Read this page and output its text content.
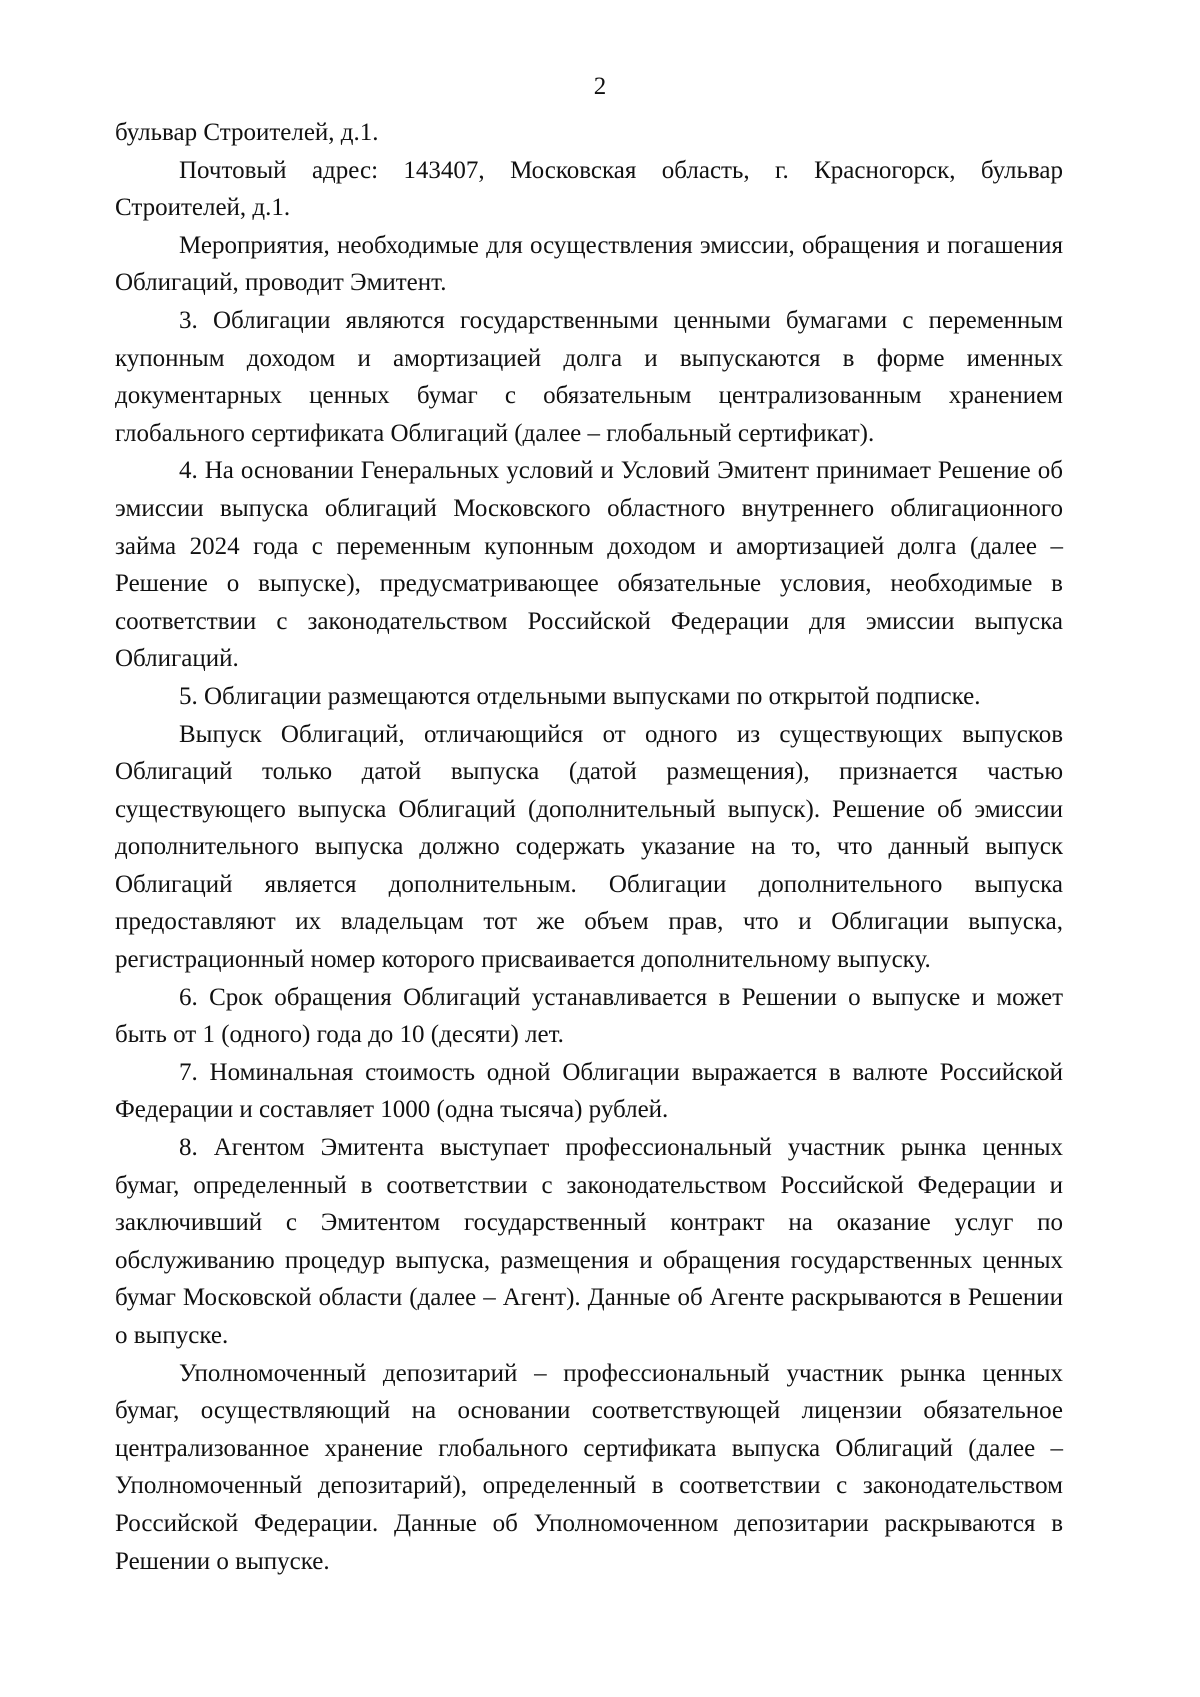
2

бульвар Строителей, д.1.

Почтовый адрес: 143407, Московская область, г. Красногорск, бульвар Строителей, д.1.

Мероприятия, необходимые для осуществления эмиссии, обращения и погашения Облигаций, проводит Эмитент.

3. Облигации являются государственными ценными бумагами с переменным купонным доходом и амортизацией долга и выпускаются в форме именных документарных ценных бумаг с обязательным централизованным хранением глобального сертификата Облигаций (далее – глобальный сертификат).

4. На основании Генеральных условий и Условий Эмитент принимает Решение об эмиссии выпуска облигаций Московского областного внутреннего облигационного займа 2024 года с переменным купонным доходом и амортизацией долга (далее – Решение о выпуске), предусматривающее обязательные условия, необходимые в соответствии с законодательством Российской Федерации для эмиссии выпуска Облигаций.

5. Облигации размещаются отдельными выпусками по открытой подписке.

Выпуск Облигаций, отличающийся от одного из существующих выпусков Облигаций только датой выпуска (датой размещения), признается частью существующего выпуска Облигаций (дополнительный выпуск). Решение об эмиссии дополнительного выпуска должно содержать указание на то, что данный выпуск Облигаций является дополнительным. Облигации дополнительного выпуска предоставляют их владельцам тот же объем прав, что и Облигации выпуска, регистрационный номер которого присваивается дополнительному выпуску.

6. Срок обращения Облигаций устанавливается в Решении о выпуске и может быть от 1 (одного) года до 10 (десяти) лет.

7. Номинальная стоимость одной Облигации выражается в валюте Российской Федерации и составляет 1000 (одна тысяча) рублей.

8. Агентом Эмитента выступает профессиональный участник рынка ценных бумаг, определенный в соответствии с законодательством Российской Федерации и заключивший с Эмитентом государственный контракт на оказание услуг по обслуживанию процедур выпуска, размещения и обращения государственных ценных бумаг Московской области (далее – Агент). Данные об Агенте раскрываются в Решении о выпуске.

Уполномоченный депозитарий – профессиональный участник рынка ценных бумаг, осуществляющий на основании соответствующей лицензии обязательное централизованное хранение глобального сертификата выпуска Облигаций (далее – Уполномоченный депозитарий), определенный в соответствии с законодательством Российской Федерации. Данные об Уполномоченном депозитарии раскрываются в Решении о выпуске.
